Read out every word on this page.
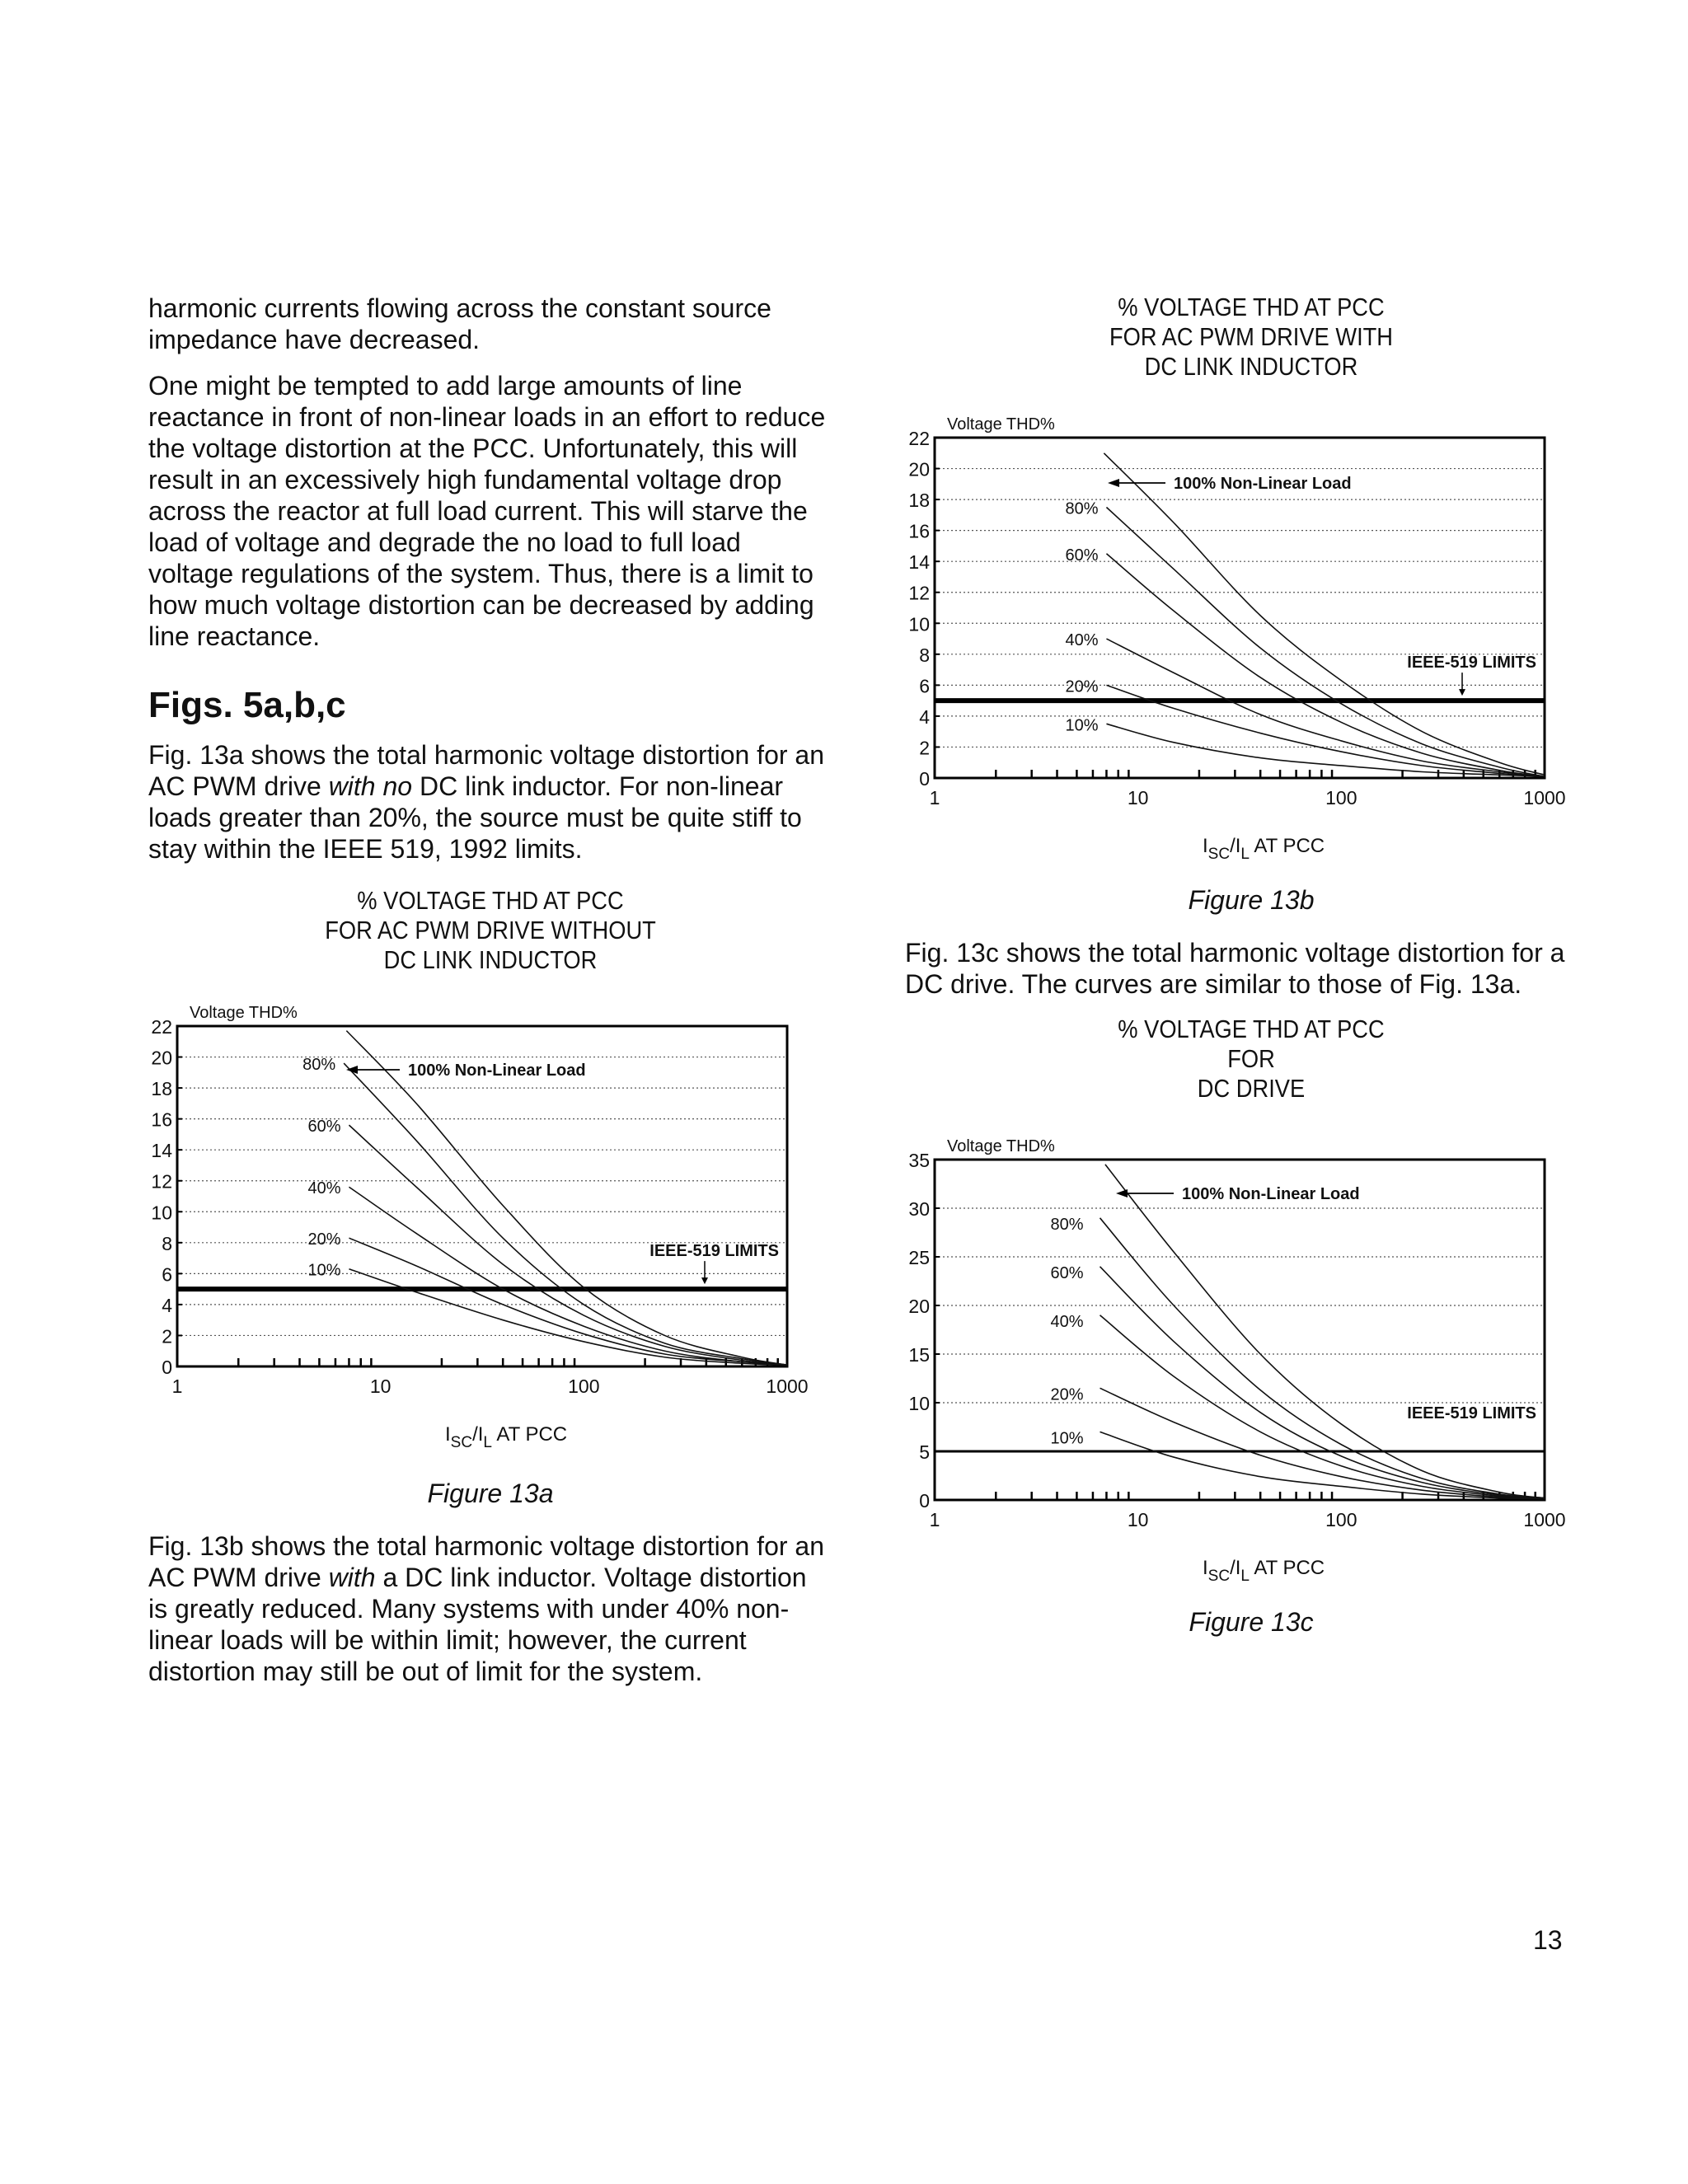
harmonic currents flowing across the constant source impedance have decreased.

One might be tempted to add large amounts of line reactance in front of non-linear loads in an effort to reduce the voltage distortion at the PCC. Unfortunately, this will result in an excessively high fundamental voltage drop across the reactor at full load current. This will starve the load of voltage and degrade the no load to full load voltage regulations of the system. Thus, there is a limit to how much voltage distortion can be decreased by adding line reactance.

Figs. 5a,b,c

Fig. 13a shows the total harmonic voltage distortion for an AC PWM drive with no DC link inductor. For non-linear loads greater than 20%, the source must be quite stiff to stay within the IEEE 519, 1992 limits.

% VOLTAGE THD AT PCC

FOR AC PWM DRIVE WITHOUT

DC LINK INDUCTOR

0
2
4
6
8
10
12
14
16
18
20
22
1	10	100	1000
Voltage THD%
$I_{SC}/I_L$ AT PCC
IEEE-519 LIMITS
80%
60%
40%
20%
10%
100% Non-Linear Load
Figure 13a

Fig. 13b shows the total harmonic voltage distortion for an AC PWM drive with a DC link inductor. Voltage distortion is greatly reduced. Many systems with under 40% non-linear loads will be within limit; however, the current distortion may still be out of limit for the system.

% VOLTAGE THD AT PCC

FOR AC PWM DRIVE WITH

DC LINK INDUCTOR

0
2
4
6
8
10
12
14
16
18
20
22
1	10	100	1000
Voltage THD%
$I_{SC}/I_L$ AT PCC
IEEE-519 LIMITS
80%
60%
40%
20%
10%
100% Non-Linear Load
Figure 13b

Fig. 13c shows the total harmonic voltage distortion for a DC drive. The curves are similar to those of Fig. 13a.

% VOLTAGE THD AT PCC

FOR

DC DRIVE

0
5
10
15
20
25
30
35
1	10	100	1000
Voltage THD%
$I_{SC}/I_L$ AT PCC
IEEE-519 LIMITS
80%
60%
40%
20%
10%
100% Non-Linear Load
Figure 13c
13
